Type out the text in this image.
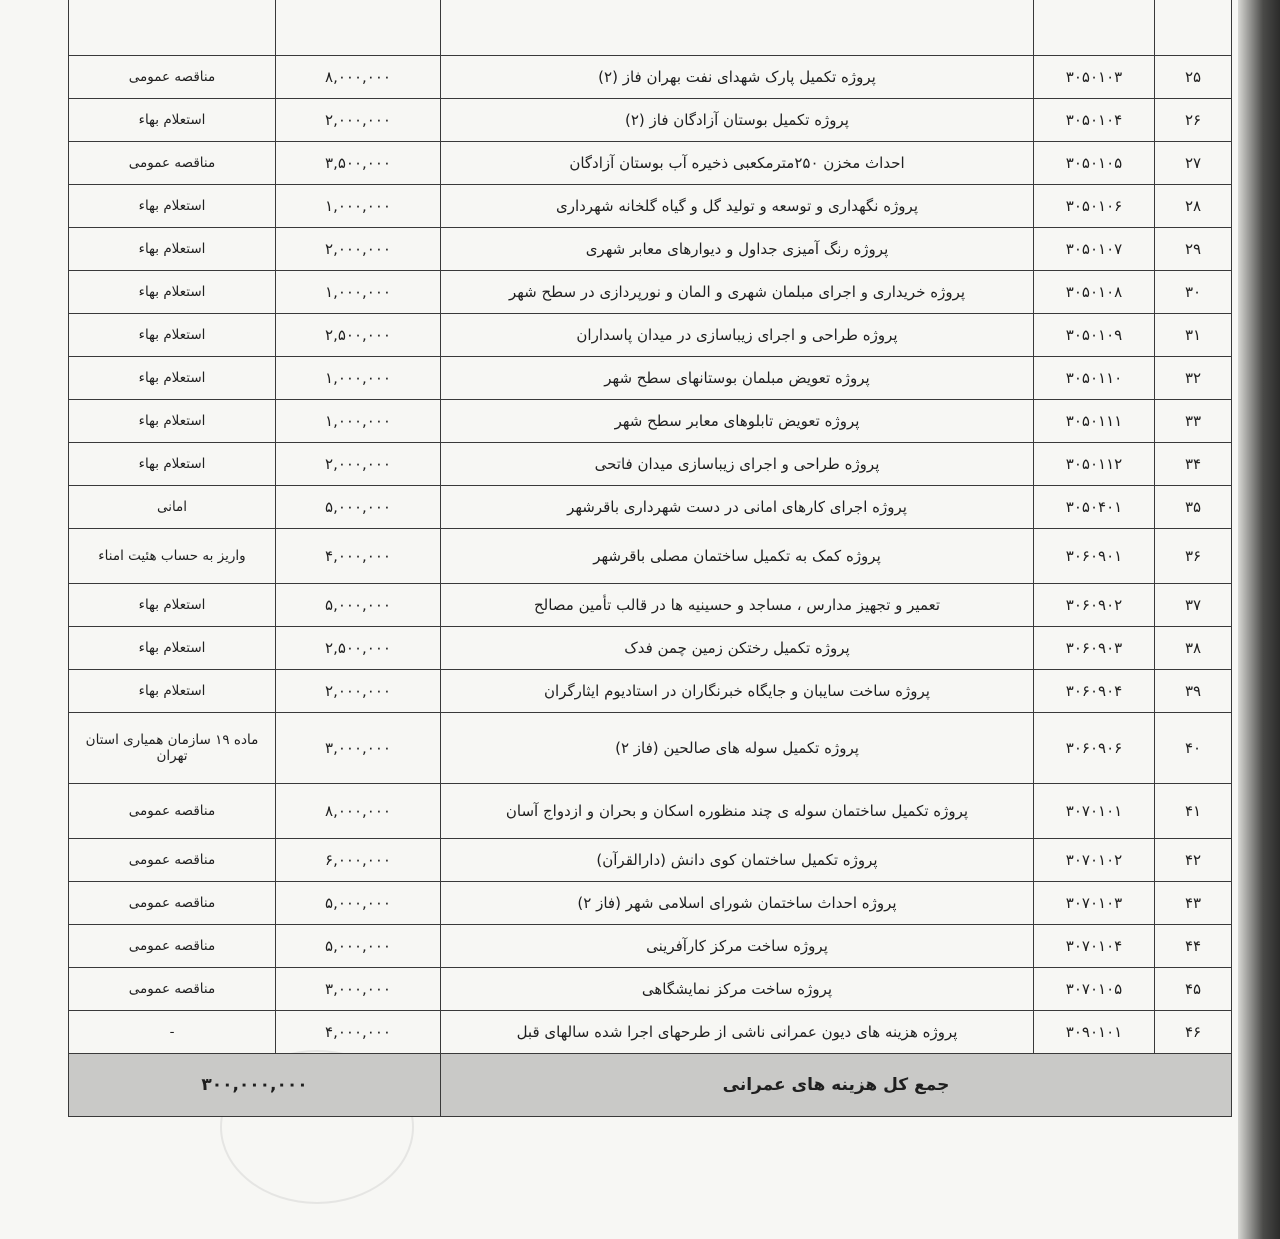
۲۵	۳۰۵۰۱۰۳	پروژه تکمیل پارک شهدای نفت بهران فاز (۲)	۸,۰۰۰,۰۰۰	مناقصه عمومی
۲۶	۳۰۵۰۱۰۴	پروژه تکمیل بوستان آزادگان فاز (۲)	۲,۰۰۰,۰۰۰	استعلام بهاء
۲۷	۳۰۵۰۱۰۵	احداث مخزن ۲۵۰مترمکعبی ذخیره آب بوستان آزادگان	۳,۵۰۰,۰۰۰	مناقصه عمومی
۲۸	۳۰۵۰۱۰۶	پروژه نگهداری و توسعه و تولید گل و گیاه گلخانه شهرداری	۱,۰۰۰,۰۰۰	استعلام بهاء
۲۹	۳۰۵۰۱۰۷	پروژه رنگ آمیزی جداول و دیوارهای معابر شهری	۲,۰۰۰,۰۰۰	استعلام بهاء
۳۰	۳۰۵۰۱۰۸	پروژه خریداری و اجرای مبلمان شهری و المان و نورپردازی در سطح شهر	۱,۰۰۰,۰۰۰	استعلام بهاء
۳۱	۳۰۵۰۱۰۹	پروژه طراحی و اجرای زیباسازی در میدان پاسداران	۲,۵۰۰,۰۰۰	استعلام بهاء
۳۲	۳۰۵۰۱۱۰	پروژه تعویض مبلمان بوستانهای سطح شهر	۱,۰۰۰,۰۰۰	استعلام بهاء
۳۳	۳۰۵۰۱۱۱	پروژه تعویض تابلوهای معابر سطح شهر	۱,۰۰۰,۰۰۰	استعلام بهاء
۳۴	۳۰۵۰۱۱۲	پروژه طراحی و اجرای زیباسازی میدان فاتحی	۲,۰۰۰,۰۰۰	استعلام بهاء
۳۵	۳۰۵۰۴۰۱	پروژه اجرای کارهای امانی در دست شهرداری باقرشهر	۵,۰۰۰,۰۰۰	امانی
۳۶	۳۰۶۰۹۰۱	پروژه کمک به تکمیل ساختمان مصلی باقرشهر	۴,۰۰۰,۰۰۰	واریز به حساب هئیت امناء
۳۷	۳۰۶۰۹۰۲	تعمیر و تجهیز مدارس ، مساجد و حسینیه ها در قالب تأمین مصالح	۵,۰۰۰,۰۰۰	استعلام بهاء
۳۸	۳۰۶۰۹۰۳	پروژه تکمیل رختکن زمین چمن فدک	۲,۵۰۰,۰۰۰	استعلام بهاء
۳۹	۳۰۶۰۹۰۴	پروژه ساخت سایبان و جایگاه خبرنگاران در استادیوم ایثارگران	۲,۰۰۰,۰۰۰	استعلام بهاء
۴۰	۳۰۶۰۹۰۶	پروژه تکمیل سوله های صالحین (فاز ۲)	۳,۰۰۰,۰۰۰	ماده ۱۹ سازمان همیاری استان تهران
۴۱	۳۰۷۰۱۰۱	پروژه تکمیل ساختمان سوله ی چند منظوره اسکان و بحران و ازدواج آسان	۸,۰۰۰,۰۰۰	مناقصه عمومی
۴۲	۳۰۷۰۱۰۲	پروژه تکمیل ساختمان کوی دانش (دارالقرآن)	۶,۰۰۰,۰۰۰	مناقصه عمومی
۴۳	۳۰۷۰۱۰۳	پروژه احداث ساختمان شورای اسلامی شهر (فاز ۲)	۵,۰۰۰,۰۰۰	مناقصه عمومی
۴۴	۳۰۷۰۱۰۴	پروژه ساخت مرکز کارآفرینی	۵,۰۰۰,۰۰۰	مناقصه عمومی
۴۵	۳۰۷۰۱۰۵	پروژه ساخت مرکز نمایشگاهی	۳,۰۰۰,۰۰۰	مناقصه عمومی
۴۶	۳۰۹۰۱۰۱	پروژه هزینه های دیون عمرانی ناشی از طرحهای اجرا شده سالهای قبل	۴,۰۰۰,۰۰۰	-
جمع کل هزینه های عمرانی			۳۰۰,۰۰۰,۰۰۰	
